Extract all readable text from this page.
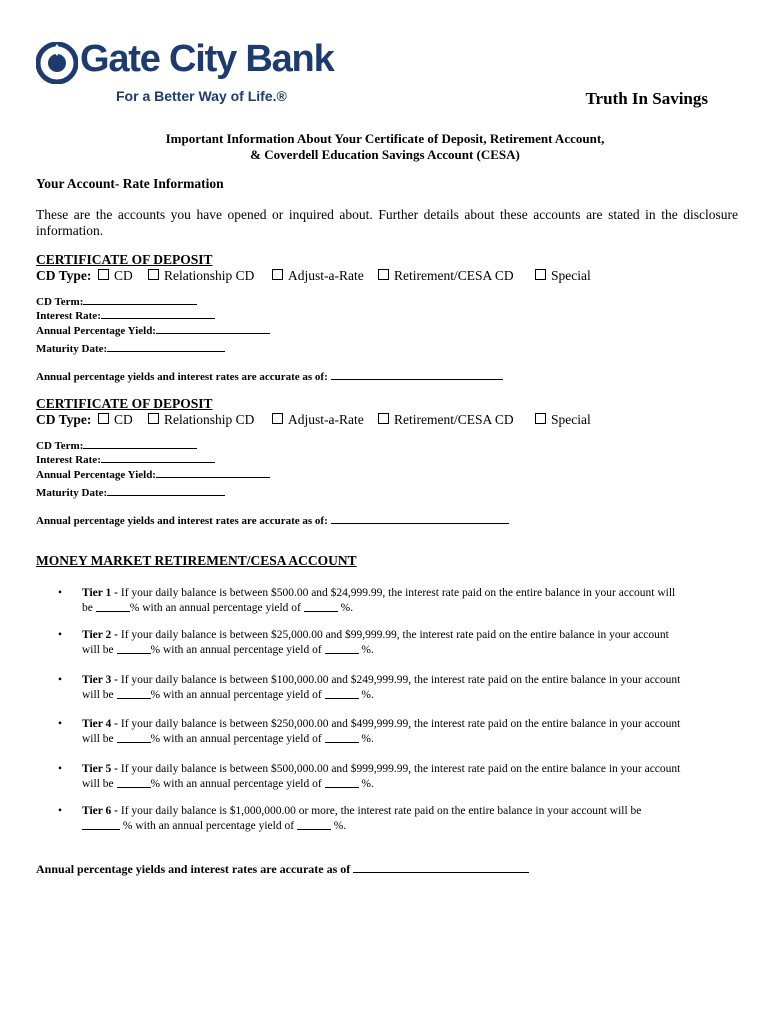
Gate City Bank
For a Better Way of Life.®	Truth In Savings
Important Information About Your Certificate of Deposit, Retirement Account,
& Coverdell Education Savings Account (CESA)
Your Account- Rate Information
These are the accounts you have opened or inquired about. Further details about these accounts are stated in the disclosure information.
CERTIFICATE OF DEPOSIT
CD Type:	CD	Relationship CD	Adjust-a-Rate	Retirement/CESA CD	Special
CD Term:
Interest Rate:
Annual Percentage Yield:
Maturity Date:
Annual percentage yields and interest rates are accurate as of:
CERTIFICATE OF DEPOSIT
CD Type:	CD	Relationship CD	Adjust-a-Rate	Retirement/CESA CD	Special
CD Term:
Interest Rate:
Annual Percentage Yield:
Maturity Date:
Annual percentage yields and interest rates are accurate as of:
MONEY MARKET RETIREMENT/CESA ACCOUNT
• Tier 1 - If your daily balance is between $500.00 and $24,999.99, the interest rate paid on the entire balance in your account will
be	% with an annual percentage yield of	%.
• Tier 2 - If your daily balance is between $25,000.00 and $99,999.99, the interest rate paid on the entire balance in your account
will be	% with an annual percentage yield of	%.
• Tier 3 - If your daily balance is between $100,000.00 and $249,999.99, the interest rate paid on the entire balance in your account
will be	% with an annual percentage yield of	%.
• Tier 4 - If your daily balance is between $250,000.00 and $499,999.99, the interest rate paid on the entire balance in your account
will be	% with an annual percentage yield of	%.
• Tier 5 - If your daily balance is between $500,000.00 and $999,999.99, the interest rate paid on the entire balance in your account
will be	% with an annual percentage yield of	%.
• Tier 6 - If your daily balance is $1,000,000.00 or more, the interest rate paid on the entire balance in your account will be
% with an annual percentage yield of	%.
Annual percentage yields and interest rates are accurate as of
